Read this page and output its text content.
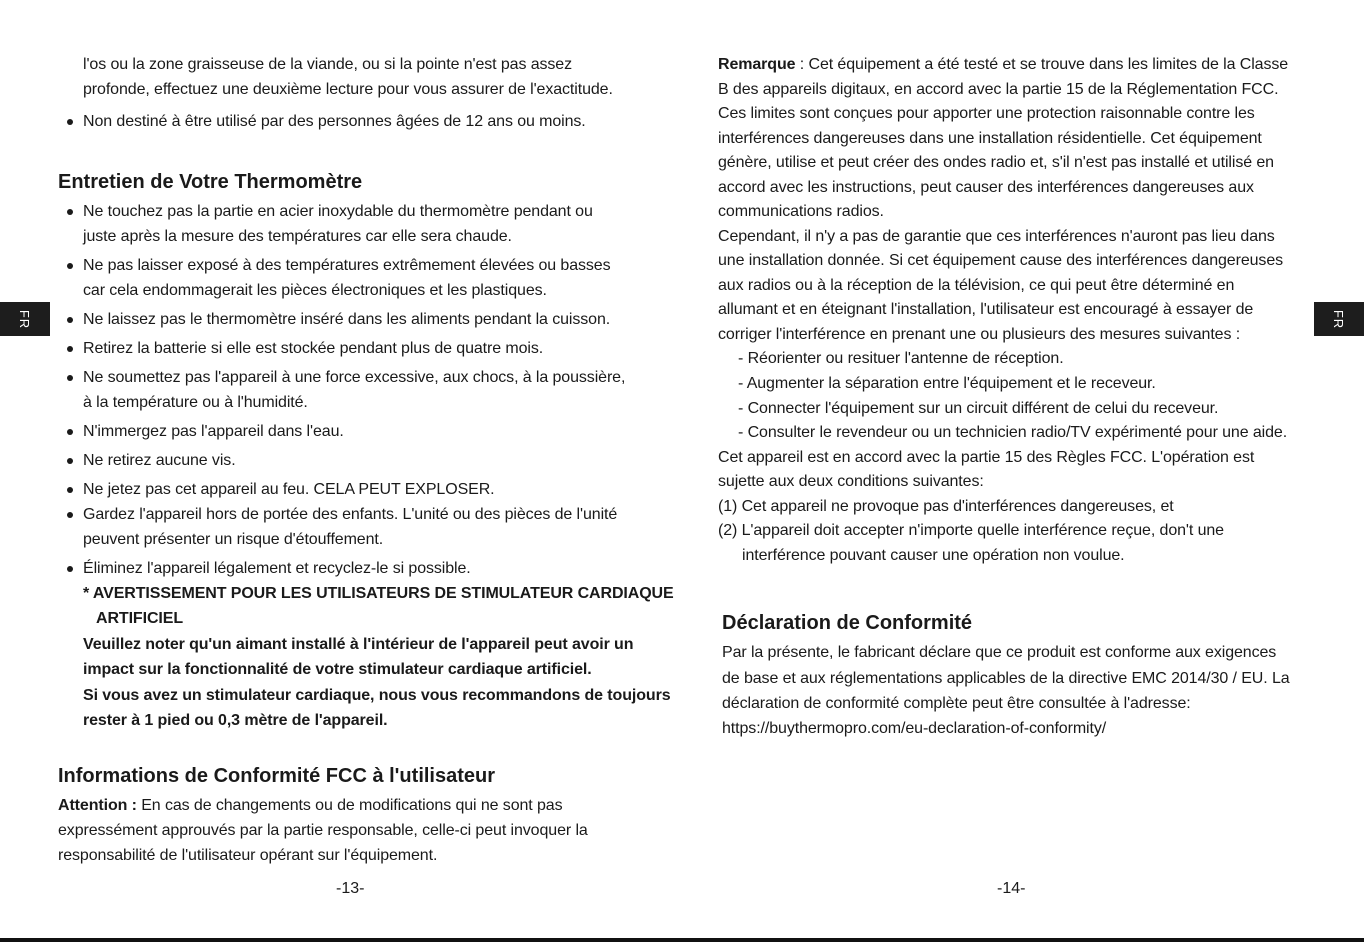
FR
l'os ou la zone graisseuse de la viande, ou si la pointe n'est pas assez
profonde, effectuez une deuxième lecture pour vous assurer de l'exactitude.
Non destiné à être utilisé par des personnes âgées de 12 ans ou moins.
Entretien de Votre Thermomètre
Ne touchez pas la partie en acier inoxydable du thermomètre pendant ou
juste après la mesure des températures car elle sera chaude.
Ne pas laisser exposé à des températures extrêmement élevées ou basses
car cela endommagerait les pièces électroniques et les plastiques.
Ne laissez pas le thermomètre inséré dans les aliments pendant la cuisson.
Retirez la batterie si elle est stockée pendant plus de quatre mois.
Ne soumettez pas l'appareil à une force excessive, aux chocs, à la poussière,
à la température ou à l'humidité.
N'immergez pas l'appareil dans l'eau.
Ne retirez aucune vis.
Ne jetez pas cet appareil au feu. CELA PEUT EXPLOSER.
Gardez l'appareil hors de portée des enfants. L'unité ou des pièces de l'unité
peuvent présenter un risque d'étouffement.
Éliminez l'appareil légalement et recyclez-le si possible.
* AVERTISSEMENT POUR LES UTILISATEURS DE STIMULATEUR CARDIAQUE
ARTIFICIEL
Veuillez noter qu'un aimant installé à l'intérieur de l'appareil peut avoir un
impact sur la fonctionnalité de votre stimulateur cardiaque artificiel.
Si vous avez un stimulateur cardiaque, nous vous recommandons de toujours
rester à 1 pied ou 0,3 mètre de l'appareil.
Informations de Conformité FCC à l'utilisateur
Attention : En cas de changements ou de modifications qui ne sont pas
expressément approuvés par la partie responsable, celle-ci peut invoquer la
responsabilité de l'utilisateur opérant sur l'équipement.
-13-
FR
Remarque : Cet équipement a été testé et se trouve dans les limites de la Classe
B des appareils digitaux, en accord avec la partie 15 de la Réglementation FCC.
Ces limites sont conçues pour apporter une protection raisonnable contre les
interférences dangereuses dans une installation résidentielle. Cet équipement
génère, utilise et peut créer des ondes radio et, s'il n'est pas installé et utilisé en
accord avec les instructions, peut causer des interférences dangereuses aux
communications radios.
Cependant, il n'y a pas de garantie que ces interférences n'auront pas lieu dans
une installation donnée. Si cet équipement cause des interférences dangereuses
aux radios ou à la réception de la télévision, ce qui peut être déterminé en
allumant et en éteignant l'installation, l'utilisateur est encouragé à essayer de
corriger l'interférence en prenant une ou plusieurs des mesures suivantes :
- Réorienter ou resituer l'antenne de réception.
- Augmenter la séparation entre l'équipement et le receveur.
- Connecter l'équipement sur un circuit différent de celui du receveur.
- Consulter le revendeur ou un technicien radio/TV expérimenté pour une aide.
Cet appareil est en accord avec la partie 15 des Règles FCC. L'opération est
sujette aux deux conditions suivantes:
(1) Cet appareil ne provoque pas d'interférences dangereuses, et
(2) L'appareil doit accepter n'importe quelle interférence reçue, don't une
interférence pouvant causer une opération non voulue.
Déclaration de Conformité
Par la présente, le fabricant déclare que ce produit est conforme aux exigences
de base et aux réglementations applicables de la directive EMC 2014/30 / EU. La
déclaration de conformité complète peut être consultée à l'adresse:
https://buythermopro.com/eu-declaration-of-conformity/
-14-
